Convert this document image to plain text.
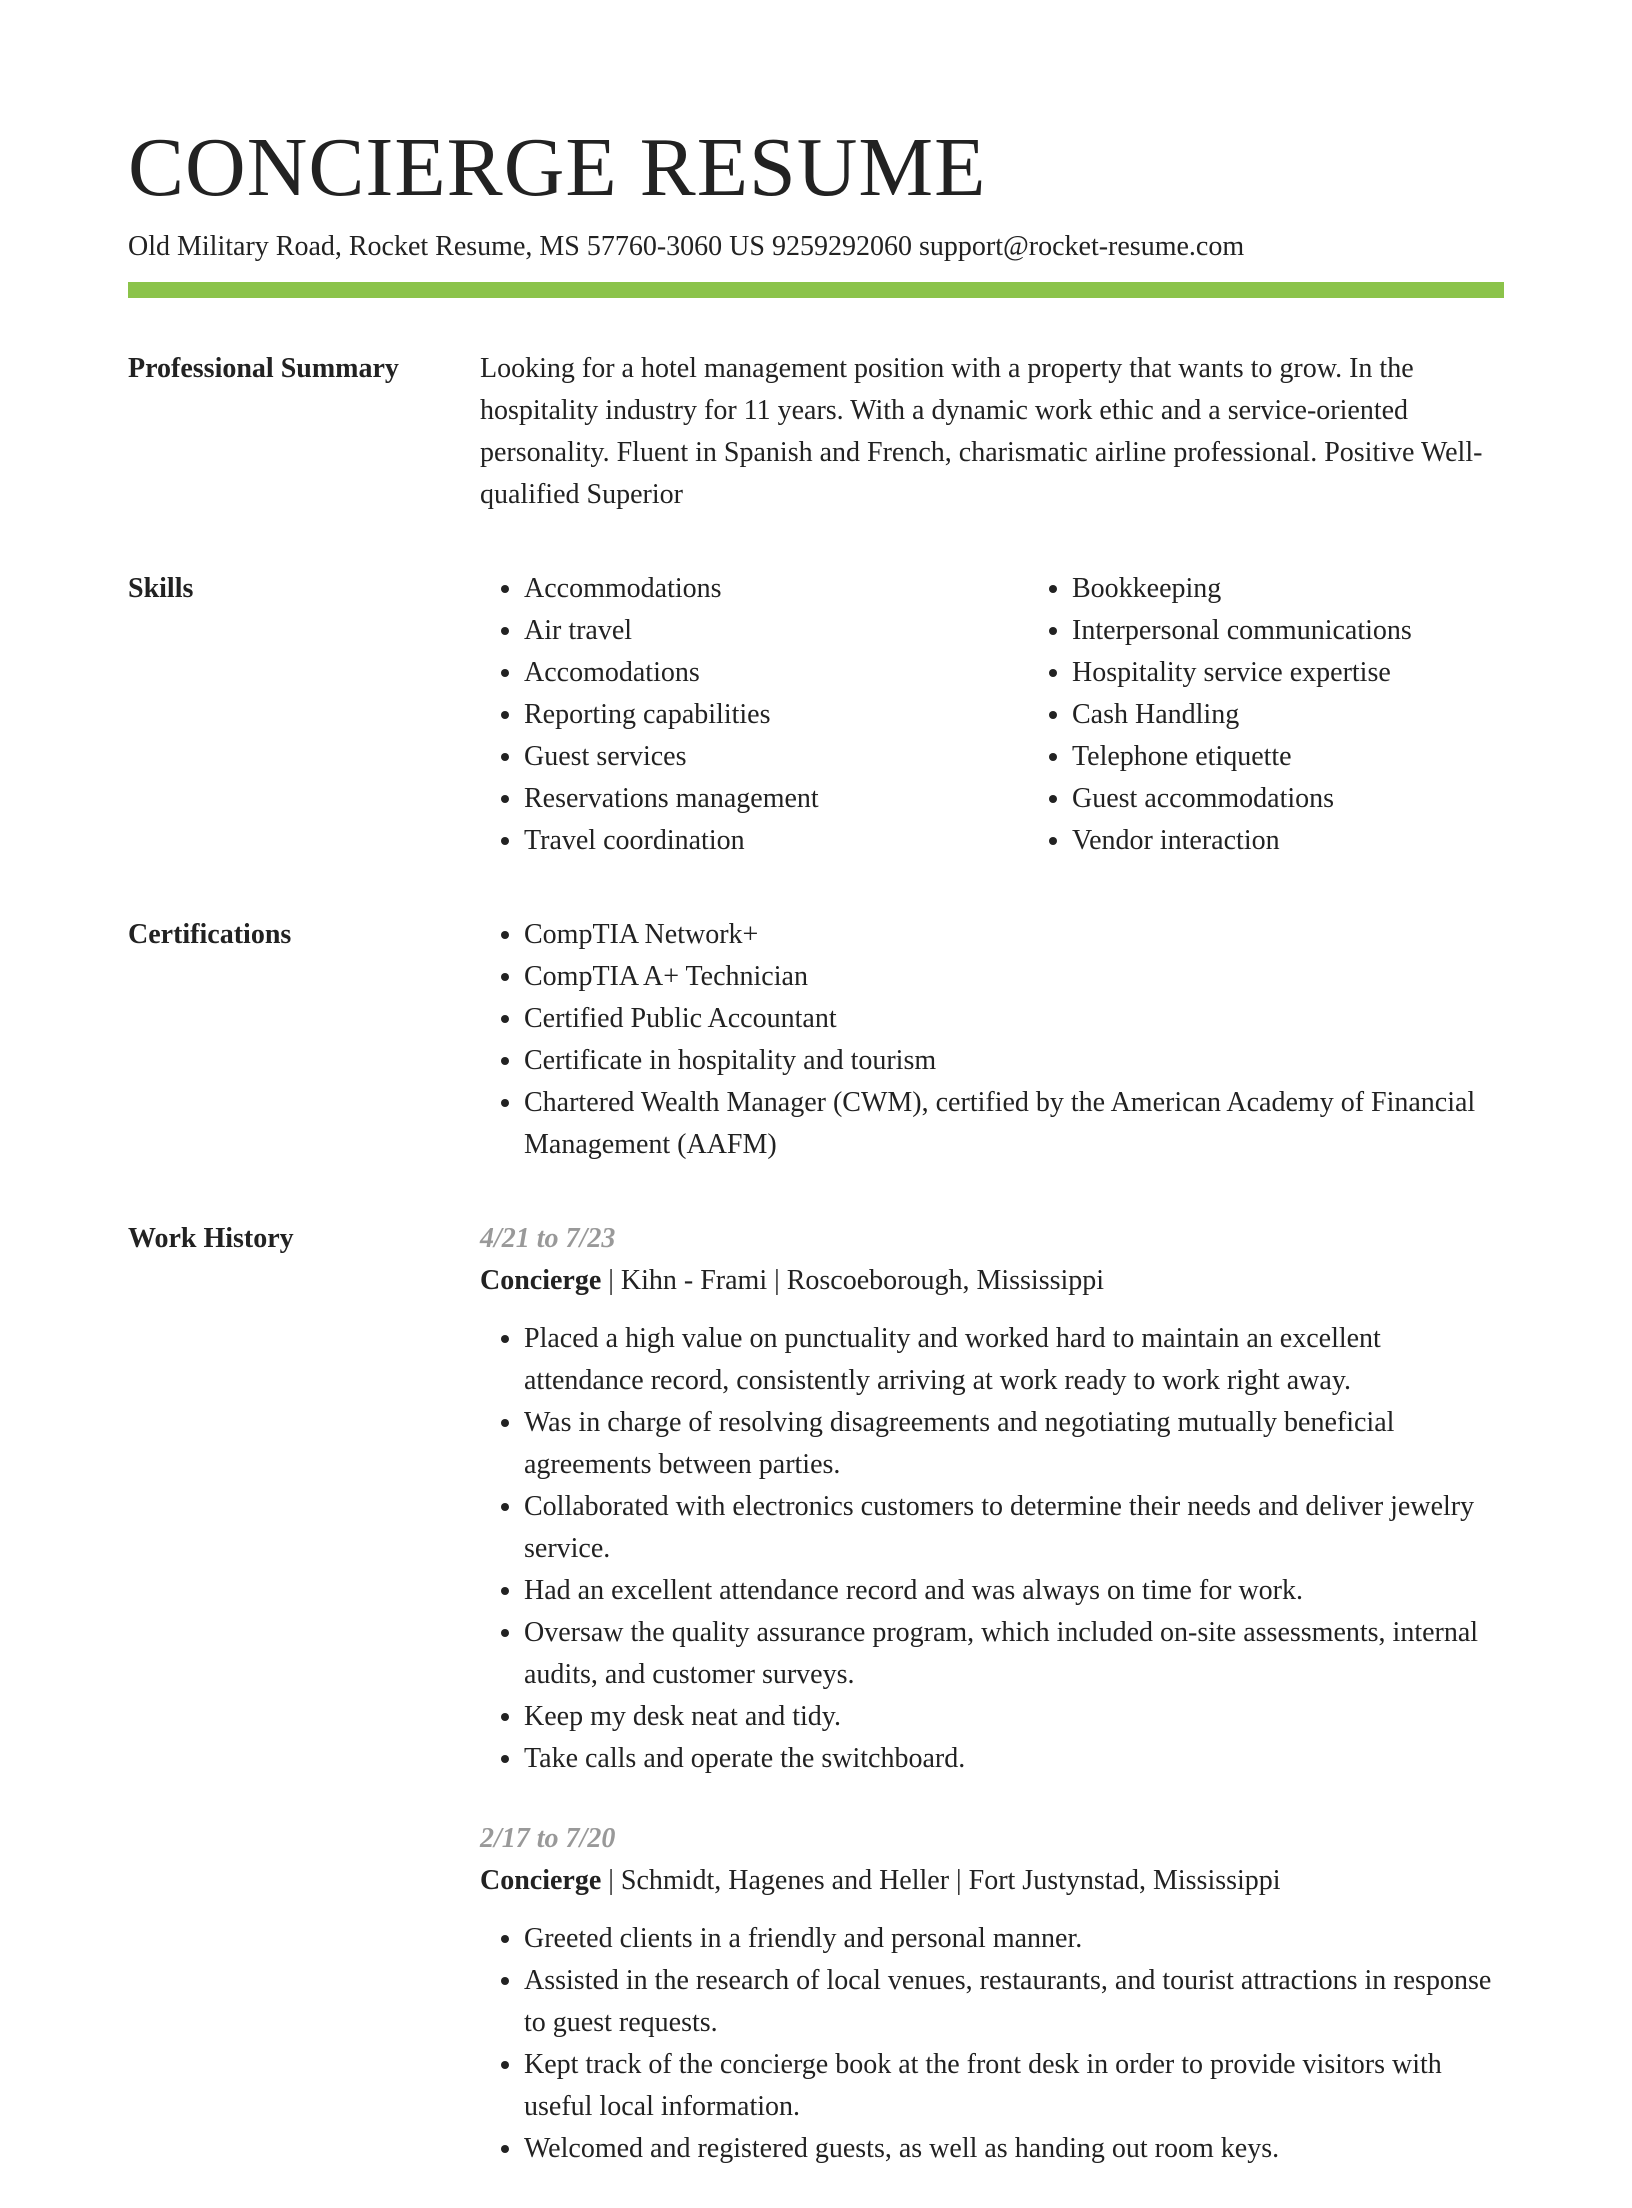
CONCIERGE RESUME
Old Military Road, Rocket Resume, MS 57760-3060 US 9259292060 support@rocket-resume.com
Professional Summary	Looking for a hotel management position with a property that wants to grow. In the hospitality industry for 11 years. With a dynamic work ethic and a service-oriented personality. Fluent in Spanish and French, charismatic airline professional. Positive Well-qualified Superior
Skills	• Accommodations
• Air travel
• Accomodations
• Reporting capabilities
• Guest services
• Reservations management
• Travel coordination
• Bookkeeping
• Interpersonal communications
• Hospitality service expertise
• Cash Handling
• Telephone etiquette
• Guest accommodations
• Vendor interaction
Certifications	• CompTIA Network+
• CompTIA A+ Technician
• Certified Public Accountant
• Certificate in hospitality and tourism
• Chartered Wealth Manager (CWM), certified by the American Academy of Financial Management (AAFM)
Work History	4/21 to 7/23
Concierge | Kihn - Frami | Roscoeborough, Mississippi
• Placed a high value on punctuality and worked hard to maintain an excellent attendance record, consistently arriving at work ready to work right away.
• Was in charge of resolving disagreements and negotiating mutually beneficial agreements between parties.
• Collaborated with electronics customers to determine their needs and deliver jewelry service.
• Had an excellent attendance record and was always on time for work.
• Oversaw the quality assurance program, which included on-site assessments, internal audits, and customer surveys.
• Keep my desk neat and tidy.
• Take calls and operate the switchboard.
2/17 to 7/20
Concierge | Schmidt, Hagenes and Heller | Fort Justynstad, Mississippi
• Greeted clients in a friendly and personal manner.
• Assisted in the research of local venues, restaurants, and tourist attractions in response to guest requests.
• Kept track of the concierge book at the front desk in order to provide visitors with useful local information.
• Welcomed and registered guests, as well as handing out room keys.
